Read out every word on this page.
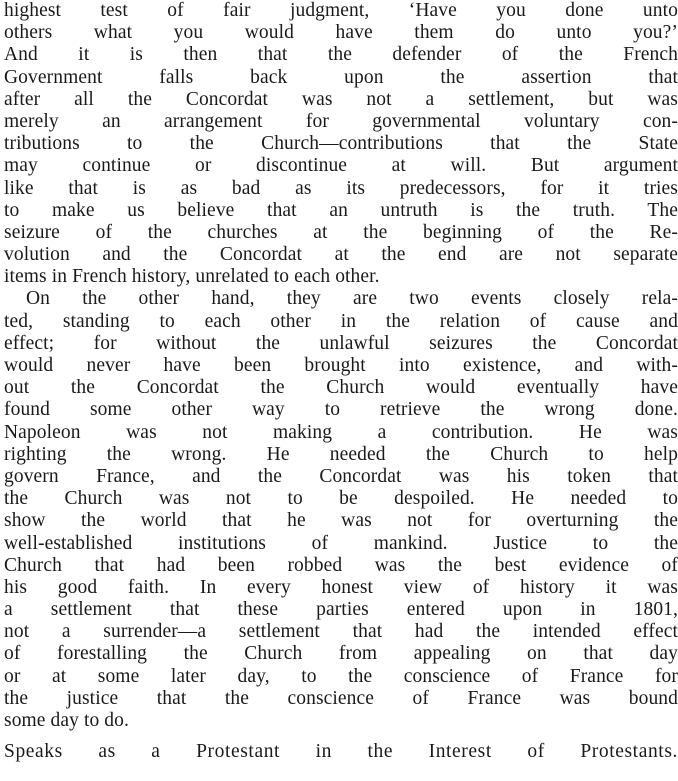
highest test of fair judgment, ‘Have you done unto
others what you would have them do unto you?’
And it is then that the defender of the French
Government falls back upon the assertion that
after all the Concordat was not a settlement, but was
merely an arrangement for governmental voluntary con-
tributions to the Church—contributions that the State
may continue or discontinue at will. But argument
like that is as bad as its predecessors, for it tries
to make us believe that an untruth is the truth. The
seizure of the churches at the beginning of the Re-
volution and the Concordat at the end are not separate
items in French history, unrelated to each other.
On the other hand, they are two events closely rela-
ted, standing to each other in the relation of cause and
effect; for without the unlawful seizures the Concordat
would never have been brought into existence, and with-
out the Concordat the Church would eventually have
found some other way to retrieve the wrong done.
Napoleon was not making a contribution. He was
righting the wrong. He needed the Church to help
govern France, and the Concordat was his token that
the Church was not to be despoiled. He needed to
show the world that he was not for overturning the
well-established institutions of mankind. Justice to the
Church that had been robbed was the best evidence of
his good faith. In every honest view of history it was
a settlement that these parties entered upon in 1801,
not a surrender—a settlement that had the intended effect
of forestalling the Church from appealing on that day
or at some later day, to the conscience of France for
the justice that the conscience of France was bound
some day to do.
Speaks as a Protestant in the Interest of Protestants.
